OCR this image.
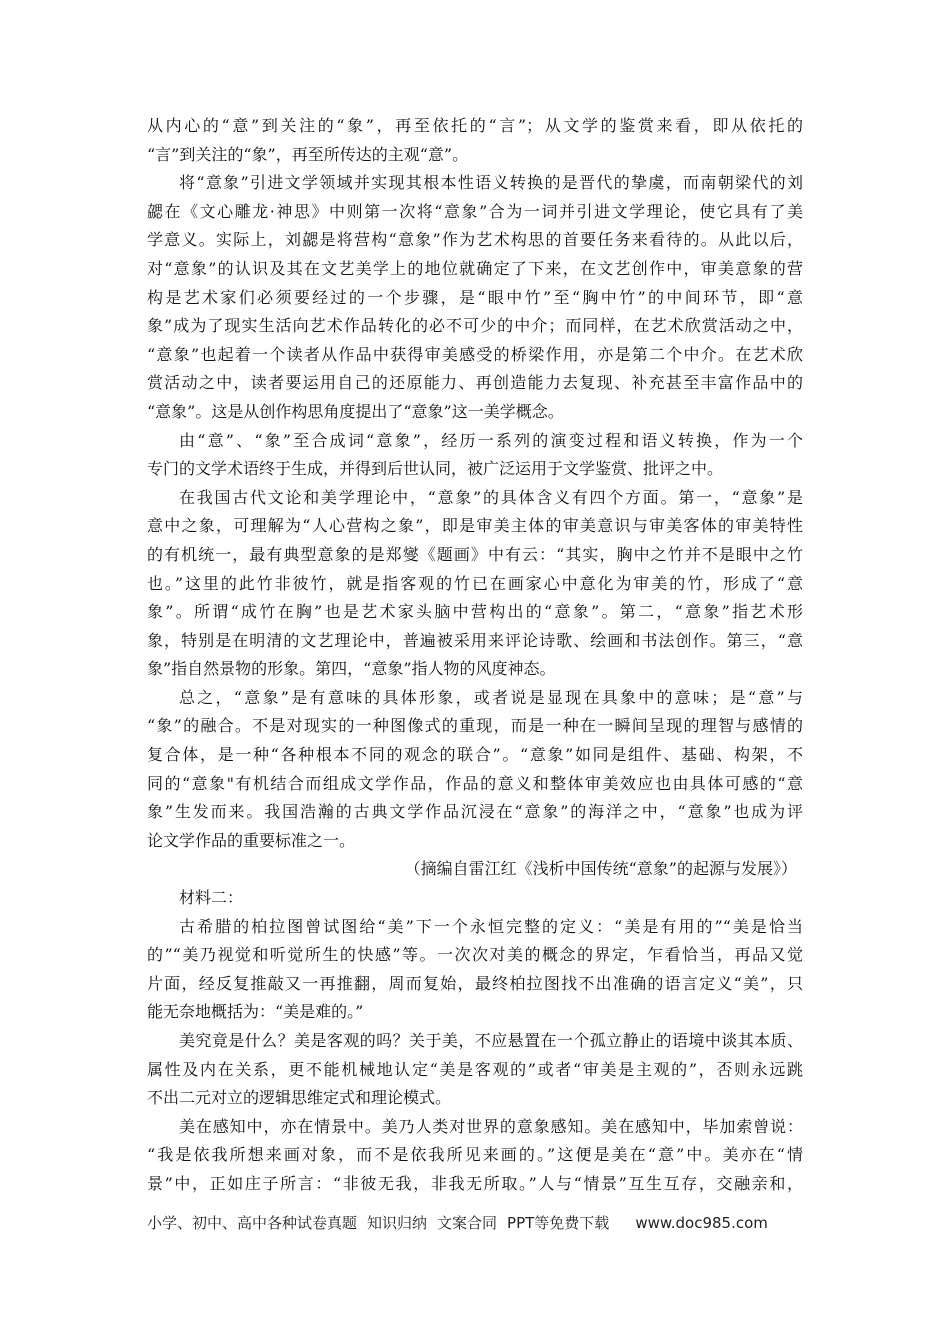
从内心的“意”到关注的“象”，再至依托的“言”；从文学的鉴赏来看，即从依托的
“言”到关注的“象”，再至所传达的主观“意”。
将“意象”引进文学领域并实现其根本性语义转换的是晋代的挚虞，而南朝梁代的刘
勰在《文心雕龙·神思》中则第一次将“意象”合为一词并引进文学理论，使它具有了美
学意义。实际上，刘勰是将营构“意象”作为艺术构思的首要任务来看待的。从此以后，
对“意象”的认识及其在文艺美学上的地位就确定了下来，在文艺创作中，审美意象的营
构是艺术家们必须要经过的一个步骤，是“眼中竹”至“胸中竹”的中间环节，即“意
象”成为了现实生活向艺术作品转化的必不可少的中介；而同样，在艺术欣赏活动之中，
“意象”也起着一个读者从作品中获得审美感受的桥梁作用，亦是第二个中介。在艺术欣
赏活动之中，读者要运用自己的还原能力、再创造能力去复现、补充甚至丰富作品中的
“意象”。这是从创作构思角度提出了“意象”这一美学概念。
由“意”、“象”至合成词“意象”，经历一系列的演变过程和语义转换，作为一个
专门的文学术语终于生成，并得到后世认同，被广泛运用于文学鉴赏、批评之中。
在我国古代文论和美学理论中，“意象”的具体含义有四个方面。第一，“意象”是
意中之象，可理解为“人心营构之象”，即是审美主体的审美意识与审美客体的审美特性
的有机统一，最有典型意象的是郑燮《题画》中有云：“其实，胸中之竹并不是眼中之竹
也。”这里的此竹非彼竹，就是指客观的竹已在画家心中意化为审美的竹，形成了“意
象”。所谓“成竹在胸”也是艺术家头脑中营构出的“意象”。第二，“意象”指艺术形
象，特别是在明清的文艺理论中，普遍被采用来评论诗歌、绘画和书法创作。第三，“意
象”指自然景物的形象。第四，“意象”指人物的风度神态。
总之，“意象”是有意味的具体形象，或者说是显现在具象中的意味；是“意”与
“象”的融合。不是对现实的一种图像式的重现，而是一种在一瞬间呈现的理智与感情的
复合体，是一种“各种根本不同的观念的联合”。“意象”如同是组件、基础、构架，不
同的“意象"有机结合而组成文学作品，作品的意义和整体审美效应也由具体可感的“意
象”生发而来。我国浩瀚的古典文学作品沉浸在“意象”的海洋之中，“意象”也成为评
论文学作品的重要标准之一。
（摘编自雷江红《浅析中国传统“意象”的起源与发展》）
材料二：
古希腊的柏拉图曾试图给“美”下一个永恒完整的定义：“美是有用的”“美是恰当
的”“美乃视觉和听觉所生的快感”等。一次次对美的概念的界定，乍看恰当，再品又觉
片面，经反复推敲又一再推翻，周而复始，最终柏拉图找不出准确的语言定义“美”，只
能无奈地概括为：“美是难的。”
美究竟是什么？美是客观的吗？关于美，不应悬置在一个孤立静止的语境中谈其本质、
属性及内在关系，更不能机械地认定“美是客观的”或者“审美是主观的”，否则永远跳
不出二元对立的逻辑思维定式和理论模式。
美在感知中，亦在情景中。美乃人类对世界的意象感知。美在感知中，毕加索曾说：
“我是依我所想来画对象，而不是依我所见来画的。”这便是美在“意”中。美亦在“情
景”中，正如庄子所言：“非彼无我，非我无所取。”人与“情景”互生互存，交融亲和，
小学、初中、高中各种试卷真题 知识归纳 文案合同 PPT等免费下载 www.doc985.com
